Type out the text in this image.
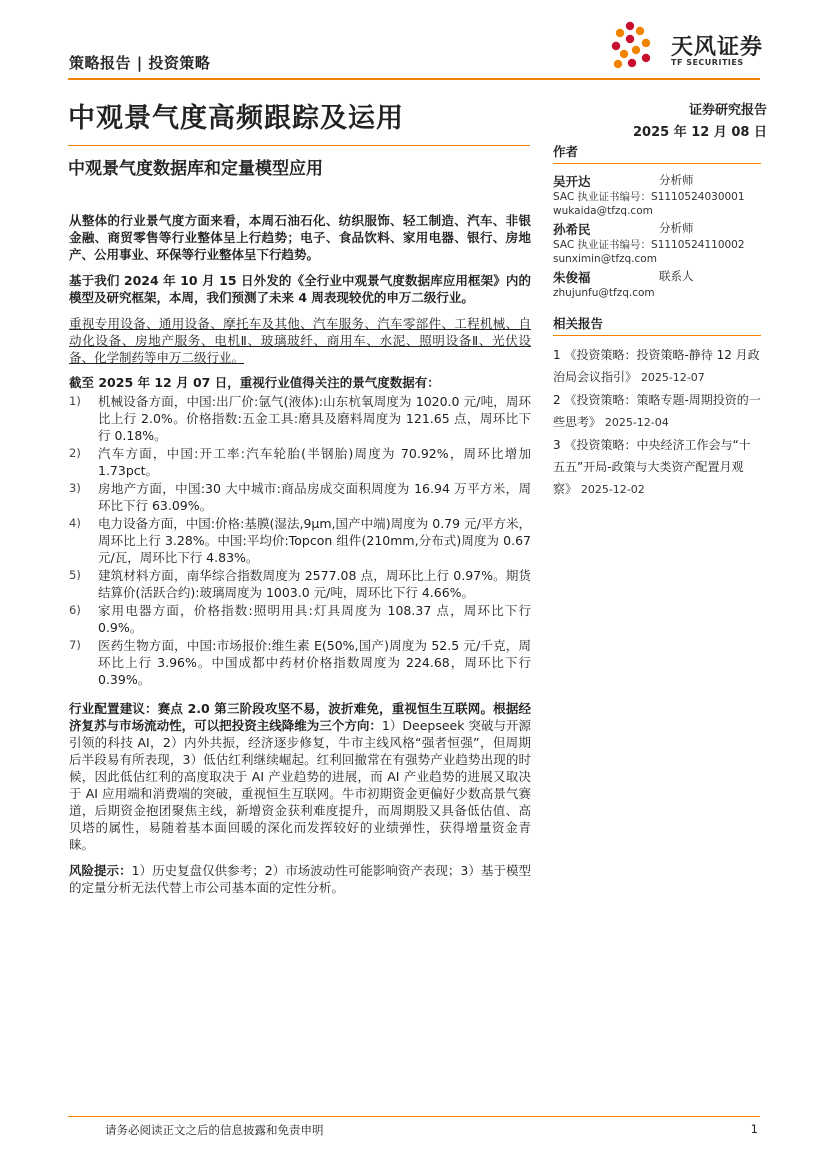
策略报告 | 投资策略
天风证券
TF SECURITIES
中观景气度高频跟踪及运用	证券研究报告
2025 年 12 月 08 日
中观景气度数据库和定量模型应用

从整体的行业景气度方面来看，本周石油石化、纺织服饰、轻工制造、汽车、非银金融、商贸零售等行业整体呈上行趋势；电子、食品饮料、家用电器、银行、房地产、公用事业、环保等行业整体呈下行趋势。

基于我们 2024 年 10 月 15 日外发的《全行业中观景气度数据库应用框架》内的模型及研究框架，本周，我们预测了未来 4 周表现较优的申万二级行业。

重视专用设备、通用设备、摩托车及其他、汽车服务、汽车零部件、工程机械、自动化设备、房地产服务、电机Ⅱ、玻璃玻纤、商用车、水泥、照明设备Ⅱ、光伏设备、化学制药等申万二级行业。

截至 2025 年 12 月 07 日，重视行业值得关注的景气度数据有：

1)	机械设备方面，中国:出厂价:氩气(液体):山东杭氧周度为 1020.0 元/吨，周环比上行 2.0%。价格指数:五金工具:磨具及磨料周度为 121.65 点，周环比下行 0.18%。
2)	汽车方面，中国:开工率:汽车轮胎(半钢胎)周度为 70.92%，周环比增加 1.73pct。
3)	房地产方面，中国:30 大中城市:商品房成交面积周度为 16.94 万平方米，周环比下行 63.09%。
4)	电力设备方面，中国:价格:基膜(湿法,9μm,国产中端)周度为 0.79 元/平方米，周环比上行 3.28%。中国:平均价:Topcon 组件(210mm,分布式)周度为 0.67 元/瓦，周环比下行 4.83%。
5)	建筑材料方面，南华综合指数周度为 2577.08 点，周环比上行 0.97%。期货结算价(活跃合约):玻璃周度为 1003.0 元/吨，周环比下行 4.66%。
6)	家用电器方面，价格指数:照明用具:灯具周度为 108.37 点，周环比下行 0.9%。
7)	医药生物方面，中国:市场报价:维生素 E(50%,国产)周度为 52.5 元/千克，周环比上行 3.96%。中国成都中药材价格指数周度为 224.68，周环比下行 0.39%。

行业配置建议：赛点 2.0 第三阶段攻坚不易，波折难免，重视恒生互联网。根据经济复苏与市场流动性，可以把投资主线降维为三个方向：1）Deepseek 突破与开源引领的科技 AI，2）内外共振，经济逐步修复，牛市主线风格“强者恒强”，但周期后半段易有所表现，3）低估红利继续崛起。红利回撤常在有强势产业趋势出现的时候，因此低估红利的高度取决于 AI 产业趋势的进展，而 AI 产业趋势的进展又取决于 AI 应用端和消费端的突破，重视恒生互联网。牛市初期资金更偏好少数高景气赛道，后期资金抱团聚焦主线，新增资金获利难度提升，而周期股又具备低估值、高贝塔的属性，易随着基本面回暖的深化而发挥较好的业绩弹性，获得增量资金青睐。

风险提示：1）历史复盘仅供参考；2）市场波动性可能影响资产表现；3）基于模型的定量分析无法代替上市公司基本面的定性分析。

作者
吴开达	分析师
SAC 执业证书编号：S1110524030001
wukaida@tfzq.com
孙希民	分析师
SAC 执业证书编号：S1110524110002
sunximin@tfzq.com
朱俊福	联系人
zhujunfu@tfzq.com
相关报告
1 《投资策略：投资策略-静待 12 月政治局会议指引》 2025-12-07
2 《投资策略：策略专题-周期投资的一些思考》 2025-12-04
3 《投资策略：中央经济工作会与“十五五”开局-政策与大类资产配置月观察》 2025-12-02
请务必阅读正文之后的信息披露和免责申明	1
